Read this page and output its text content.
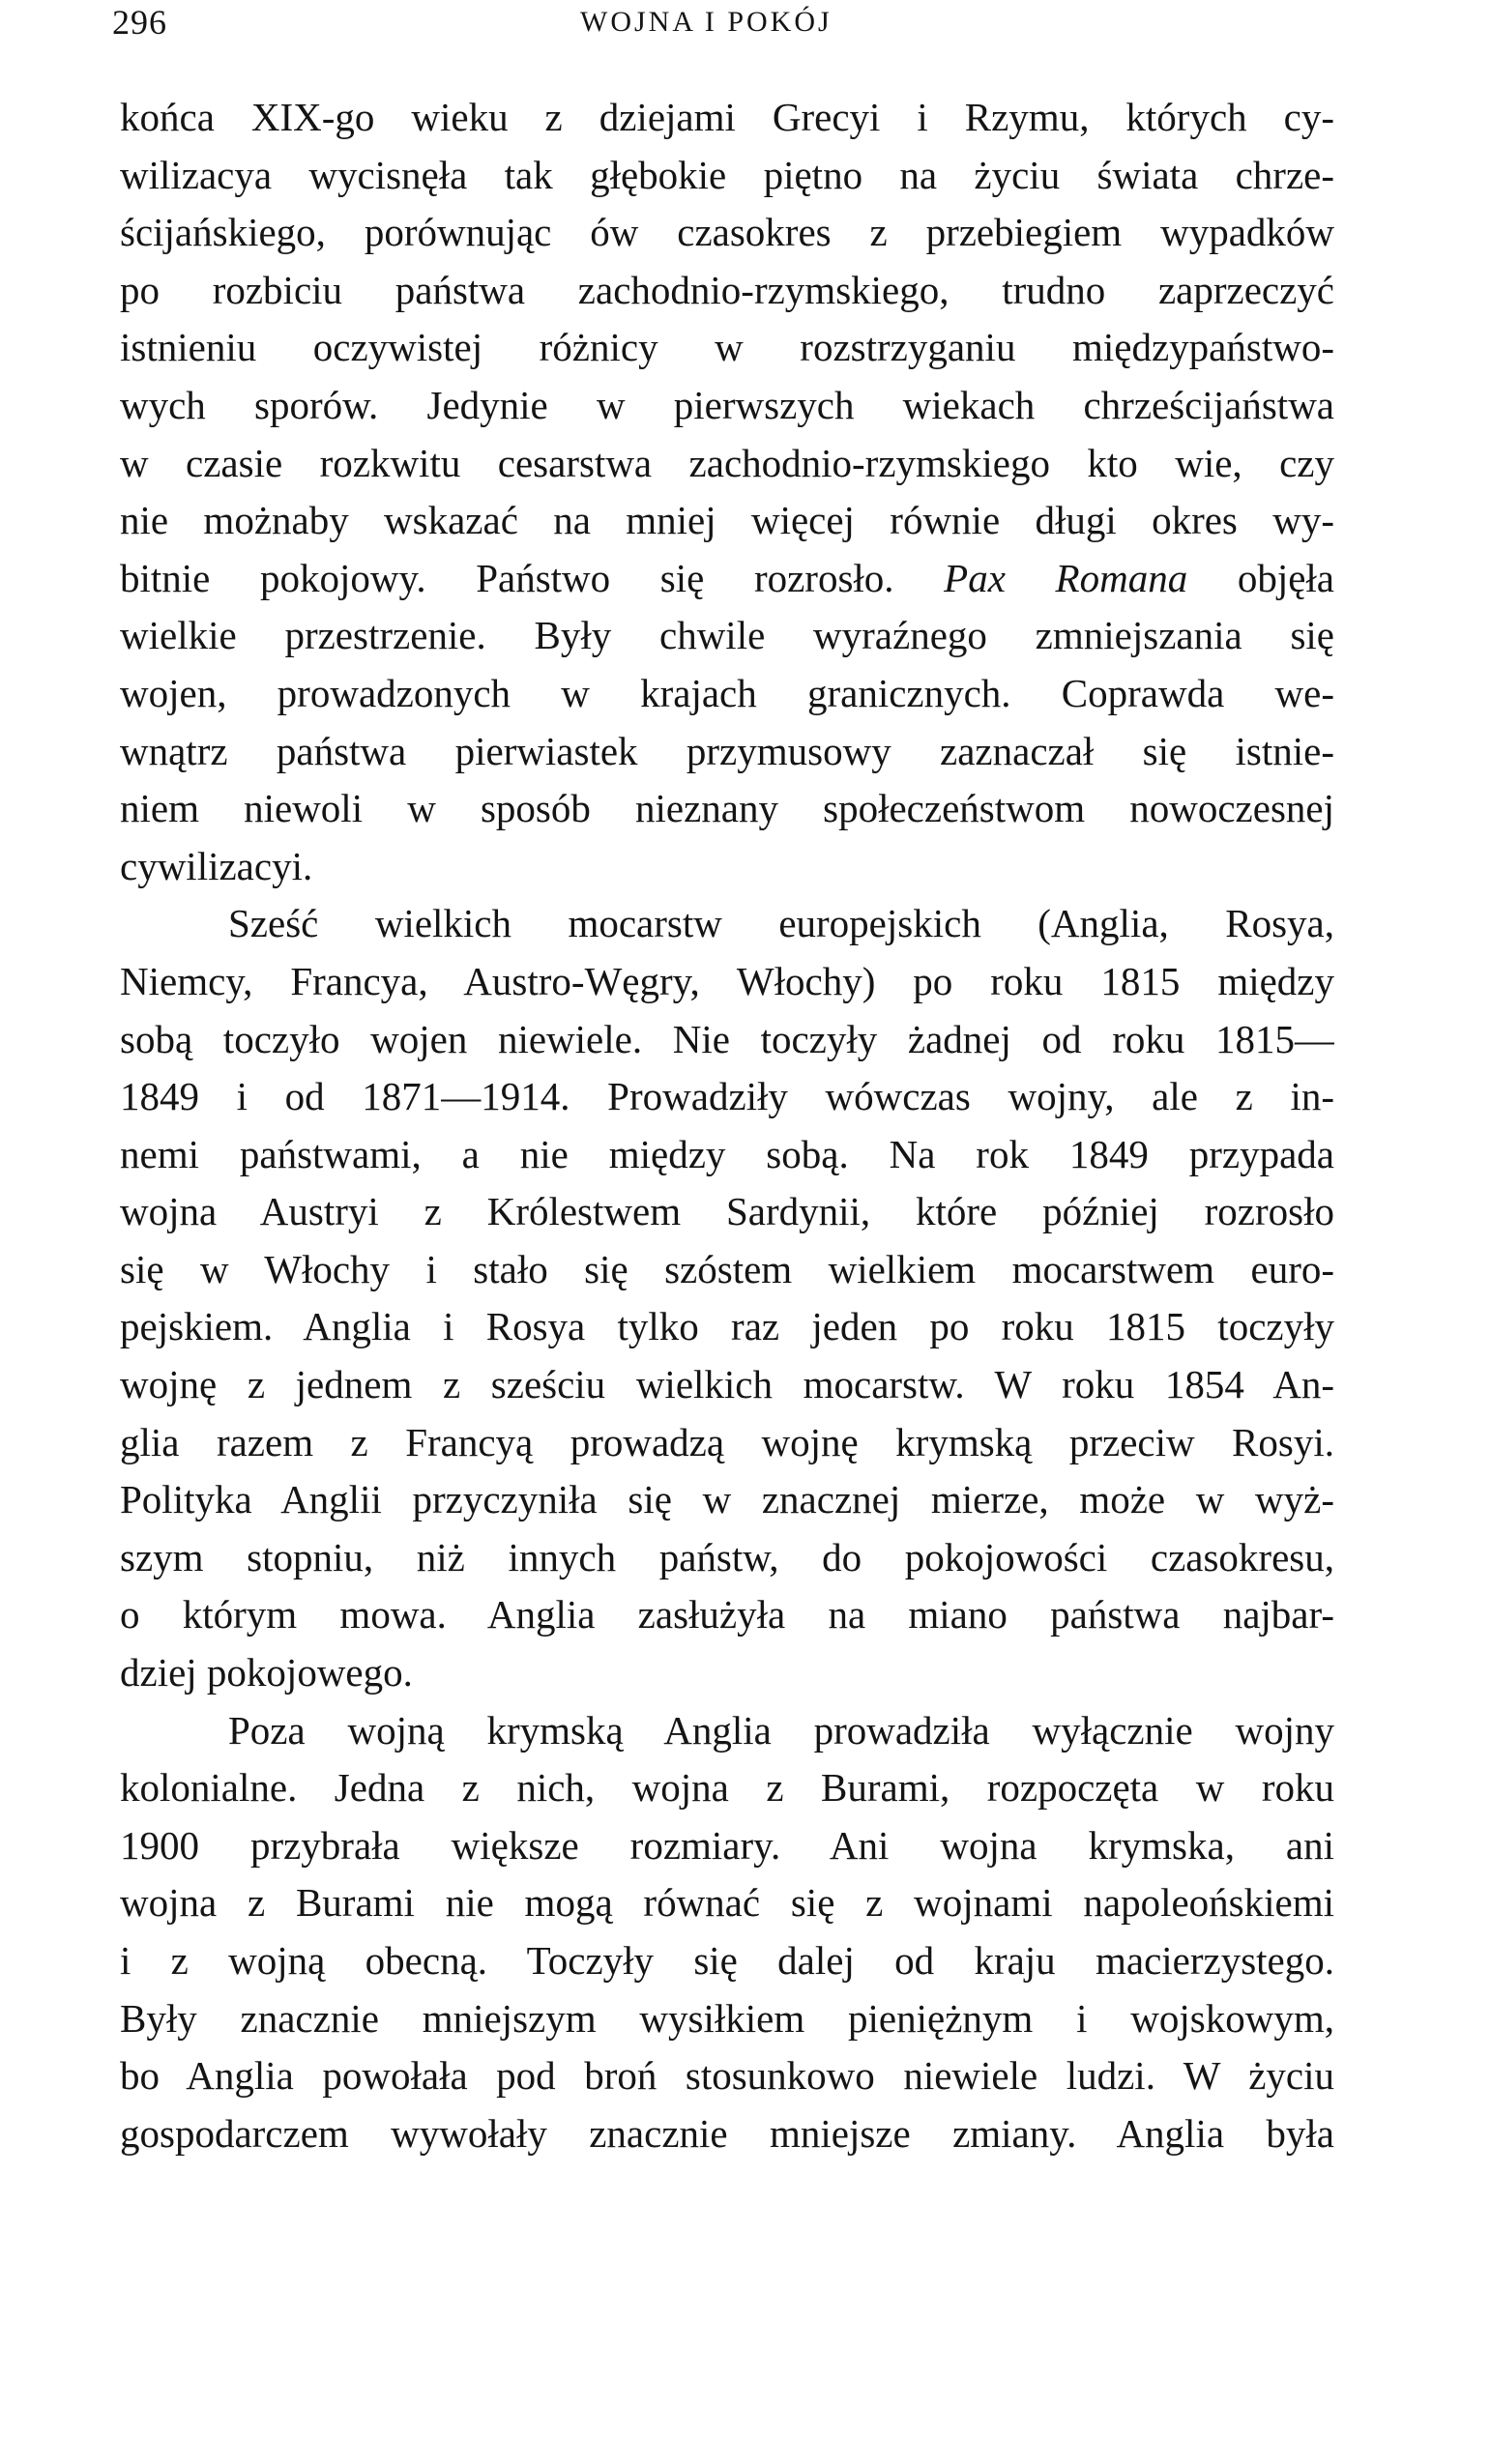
296	WOJNA I POKÓJ
końca XIX-go wieku z dziejami Grecyi i Rzymu, których cy-
wilizacya wycisnęła tak głębokie piętno na życiu świata chrze-
ścijańskiego, porównując ów czasokres z przebiegiem wypadków
po rozbiciu państwa zachodnio-rzymskiego, trudno zaprzeczyć
istnieniu oczywistej różnicy w rozstrzyganiu międzypaństwo-
wych sporów. Jedynie w pierwszych wiekach chrześcijaństwa
w czasie rozkwitu cesarstwa zachodnio-rzymskiego kto wie, czy
nie możnaby wskazać na mniej więcej równie długi okres wy-
bitnie pokojowy. Państwo się rozrosło. Pax Romana objęła
wielkie przestrzenie. Były chwile wyraźnego zmniejszania się
wojen, prowadzonych w krajach granicznych. Coprawda we-
wnątrz państwa pierwiastek przymusowy zaznaczał się istnie-
niem niewoli w sposób nieznany społeczeństwom nowoczesnej
cywilizacyi.
Sześć wielkich mocarstw europejskich (Anglia, Rosya,
Niemcy, Francya, Austro-Węgry, Włochy) po roku 1815 między
sobą toczyło wojen niewiele. Nie toczyły żadnej od roku 1815—
1849 i od 1871—1914. Prowadziły wówczas wojny, ale z in-
nemi państwami, a nie między sobą. Na rok 1849 przypada
wojna Austryi z Królestwem Sardynii, które później rozrosło
się w Włochy i stało się szóstem wielkiem mocarstwem euro-
pejskiem. Anglia i Rosya tylko raz jeden po roku 1815 toczyły
wojnę z jednem z sześciu wielkich mocarstw. W roku 1854 An-
glia razem z Francyą prowadzą wojnę krymską przeciw Rosyi.
Polityka Anglii przyczyniła się w znacznej mierze, może w wyż-
szym stopniu, niż innych państw, do pokojowości czasokresu,
o którym mowa. Anglia zasłużyła na miano państwa najbar-
dziej pokojowego.
Poza wojną krymską Anglia prowadziła wyłącznie wojny
kolonialne. Jedna z nich, wojna z Burami, rozpoczęta w roku
1900 przybrała większe rozmiary. Ani wojna krymska, ani
wojna z Burami nie mogą równać się z wojnami napoleońskiemi
i z wojną obecną. Toczyły się dalej od kraju macierzystego.
Były znacznie mniejszym wysiłkiem pieniężnym i wojskowym,
bo Anglia powołała pod broń stosunkowo niewiele ludzi. W życiu
gospodarczem wywołały znacznie mniejsze zmiany. Anglia była
